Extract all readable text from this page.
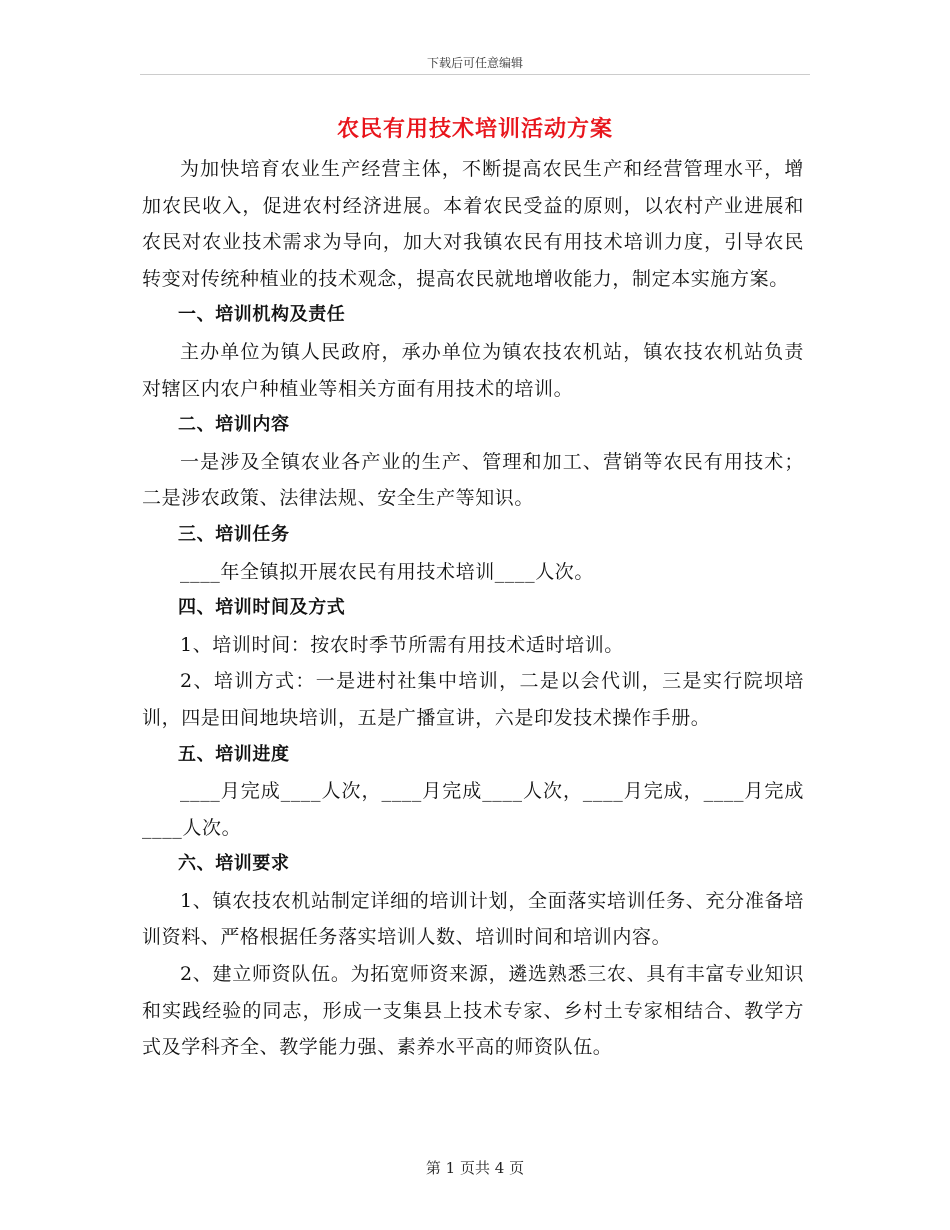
下载后可任意编辑
农民有用技术培训活动方案

为加快培育农业生产经营主体，不断提高农民生产和经营管理水平，增加农民收入，促进农村经济进展。本着农民受益的原则，以农村产业进展和农民对农业技术需求为导向，加大对我镇农民有用技术培训力度，引导农民转变对传统种植业的技术观念，提高农民就地增收能力，制定本实施方案。

一、培训机构及责任

主办单位为镇人民政府，承办单位为镇农技农机站，镇农技农机站负责对辖区内农户种植业等相关方面有用技术的培训。

二、培训内容

一是涉及全镇农业各产业的生产、管理和加工、营销等农民有用技术；二是涉农政策、法律法规、安全生产等知识。

三、培训任务

____年全镇拟开展农民有用技术培训____人次。

四、培训时间及方式

1、培训时间：按农时季节所需有用技术适时培训。

2、培训方式：一是进村社集中培训，二是以会代训，三是实行院坝培训，四是田间地块培训，五是广播宣讲，六是印发技术操作手册。

五、培训进度

____月完成____人次，____月完成____人次，____月完成，____月完成____人次。

六、培训要求

1、镇农技农机站制定详细的培训计划，全面落实培训任务、充分准备培训资料、严格根据任务落实培训人数、培训时间和培训内容。

2、建立师资队伍。为拓宽师资来源，遴选熟悉三农、具有丰富专业知识和实践经验的同志，形成一支集县上技术专家、乡村土专家相结合、教学方式及学科齐全、教学能力强、素养水平高的师资队伍。

第 1 页共 4 页
